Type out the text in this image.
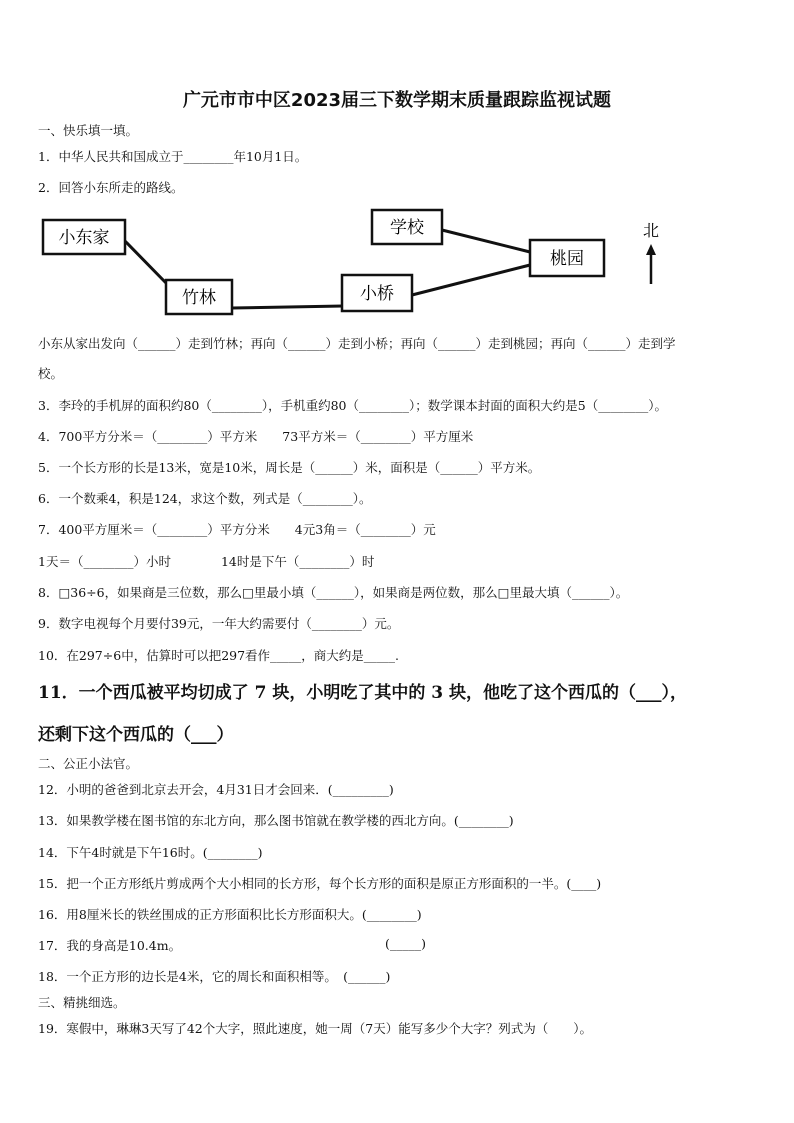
广元市市中区2023届三下数学期末质量跟踪监视试题
一、快乐填一填。
1．中华人民共和国成立于________年10月1日。
2．回答小东所走的路线。
小东家
竹林	小桥
学校
桃园
北
小东从家出发向（______）走到竹林；再向（______）走到小桥；再向（______）走到桃园；再向（______）走到学
校。
3．李玲的手机屏的面积约80（________），手机重约80（________）；数学课本封面的面积大约是5（________）。
4．700平方分米＝（________）平方米　　73平方米＝（________）平方厘米
5．一个长方形的长是13米，宽是10米，周长是（______）米，面积是（______）平方米。
6．一个数乘4，积是124，求这个数，列式是（________）。
7．400平方厘米＝（________）平方分米　　4元3角＝（________）元
1天＝（________）小时　　　　14时是下午（________）时
8．□36÷6，如果商是三位数，那么□里最小填（______），如果商是两位数，那么□里最大填（______）。
9．数字电视每个月要付39元，一年大约需要付（________）元。
10．在297÷6中，估算时可以把297看作_____，商大约是_____.
11．一个西瓜被平均切成了 7 块，小明吃了其中的 3 块，他吃了这个西瓜的（___），
还剩下这个西瓜的（___）
二、公正小法官。
12．小明的爸爸到北京去开会，4月31日才会回来．(_________)
13．如果教学楼在图书馆的东北方向，那么图书馆就在教学楼的西北方向。(________)
14．下午4时就是下午16时。(________)
15．把一个正方形纸片剪成两个大小相同的长方形，每个长方形的面积是原正方形面积的一半。(____)
16．用8厘米长的铁丝围成的正方形面积比长方形面积大。(________)
17．我的身高是10.4m。	(_____)
18．一个正方形的边长是4米，它的周长和面积相等。　(______)
三、精挑细选。
19．寒假中，琳琳3天写了42个大字，照此速度，她一周（7天）能写多少个大字？列式为（　　）。
